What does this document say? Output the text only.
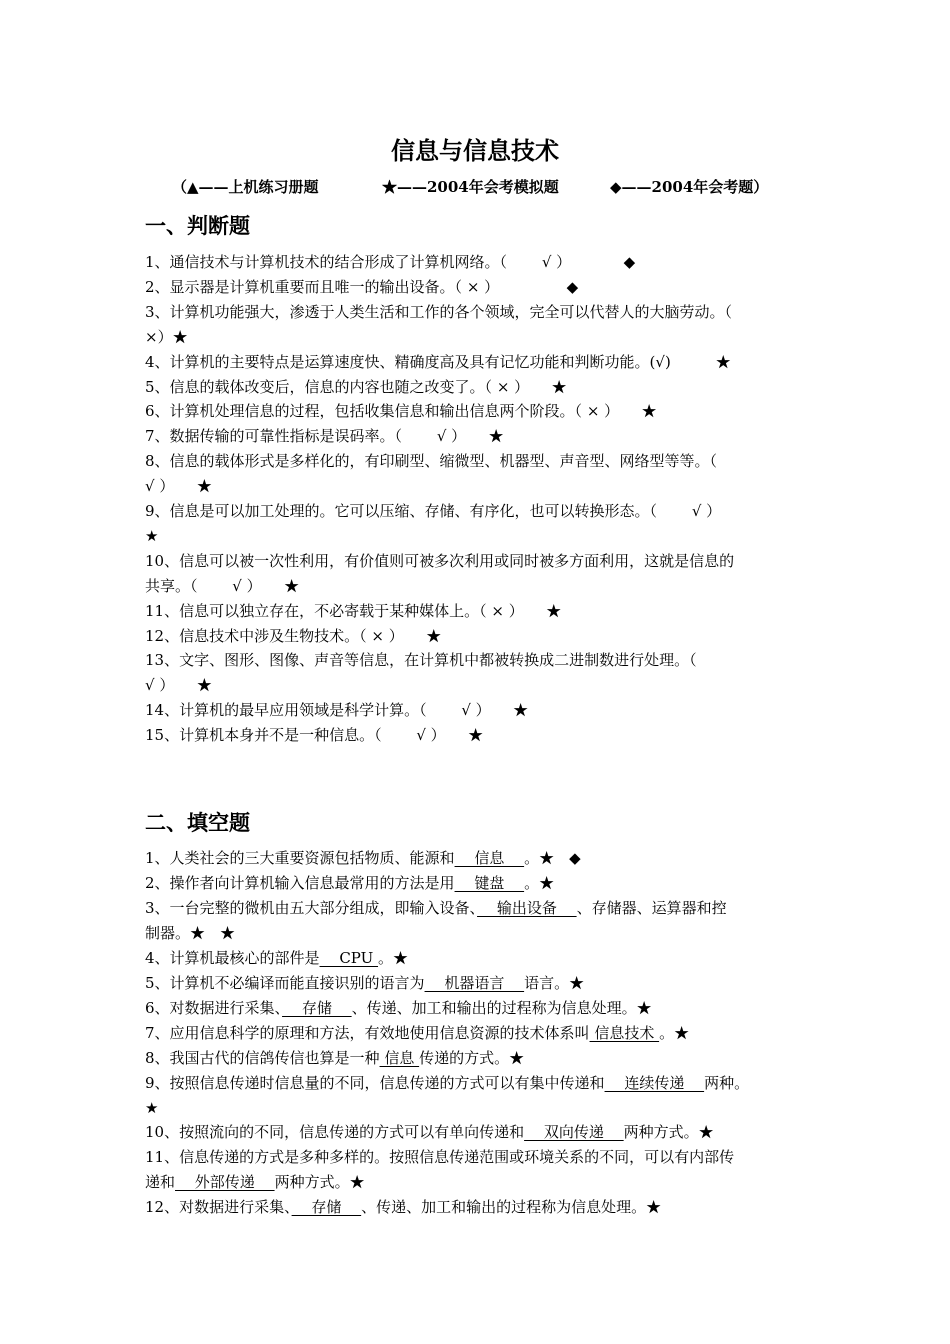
信息与信息技术
（▲——上机练习册题	★——2004年会考模拟题	◆——2004年会考题）
一、判断题
1、通信技术与计算机技术的结合形成了计算机网络。（　　 √ ）　　　　◆
2、显示器是计算机重要而且唯一的输出设备。（ × ）　　　　　◆
3、计算机功能强大，渗透于人类生活和工作的各个领域，完全可以代替人的大脑劳动。（
×）★
4、计算机的主要特点是运算速度快、精确度高及具有记忆功能和判断功能。(√)　　　★
5、信息的载体改变后，信息的内容也随之改变了。（ × ）　　★
6、计算机处理信息的过程，包括收集信息和输出信息两个阶段。（ × ）　　★
7、数据传输的可靠性指标是误码率。（　　 √ ）　　★
8、信息的载体形式是多样化的，有印刷型、缩微型、机器型、声音型、网络型等等。（
√ ）　　★
9、信息是可以加工处理的。它可以压缩、存储、有序化，也可以转换形态。（　　 √ ）
★
10、信息可以被一次性利用，有价值则可被多次利用或同时被多方面利用，这就是信息的
共享。（　　 √ ）　　★
11、信息可以独立存在，不必寄载于某种媒体上。（ × ）　　★
12、信息技术中涉及生物技术。（ × ）　　★
13、文字、图形、图像、声音等信息，在计算机中都被转换成二进制数进行处理。（
√ ）　　★
14、计算机的最早应用领域是科学计算。（　　 √ ）　　★
15、计算机本身并不是一种信息。（　　 √ ）　　★
二、填空题
1、人类社会的三大重要资源包括物质、能源和　 信息　 。★　◆
2、操作者向计算机输入信息最常用的方法是用　 键盘　 。★
3、一台完整的微机由五大部分组成，即输入设备、　 输出设备　 、存储器、运算器和控
制器。★　★
4、计算机最核心的部件是　 CPU 。★
5、计算机不必编译而能直接识别的语言为　 机器语言　 语言。★
6、对数据进行采集、　 存储　 、传递、加工和输出的过程称为信息处理。★
7、应用信息科学的原理和方法，有效地使用信息资源的技术体系叫 信息技术 。★
8、我国古代的信鸽传信也算是一种 信息 传递的方式。★
9、按照信息传递时信息量的不同，信息传递的方式可以有集中传递和　 连续传递　 两种。
★
10、按照流向的不同，信息传递的方式可以有单向传递和　 双向传递　 两种方式。★
11、信息传递的方式是多种多样的。按照信息传递范围或环境关系的不同，可以有内部传
递和　 外部传递　 两种方式。★
12、对数据进行采集、　 存储　 、传递、加工和输出的过程称为信息处理。★
